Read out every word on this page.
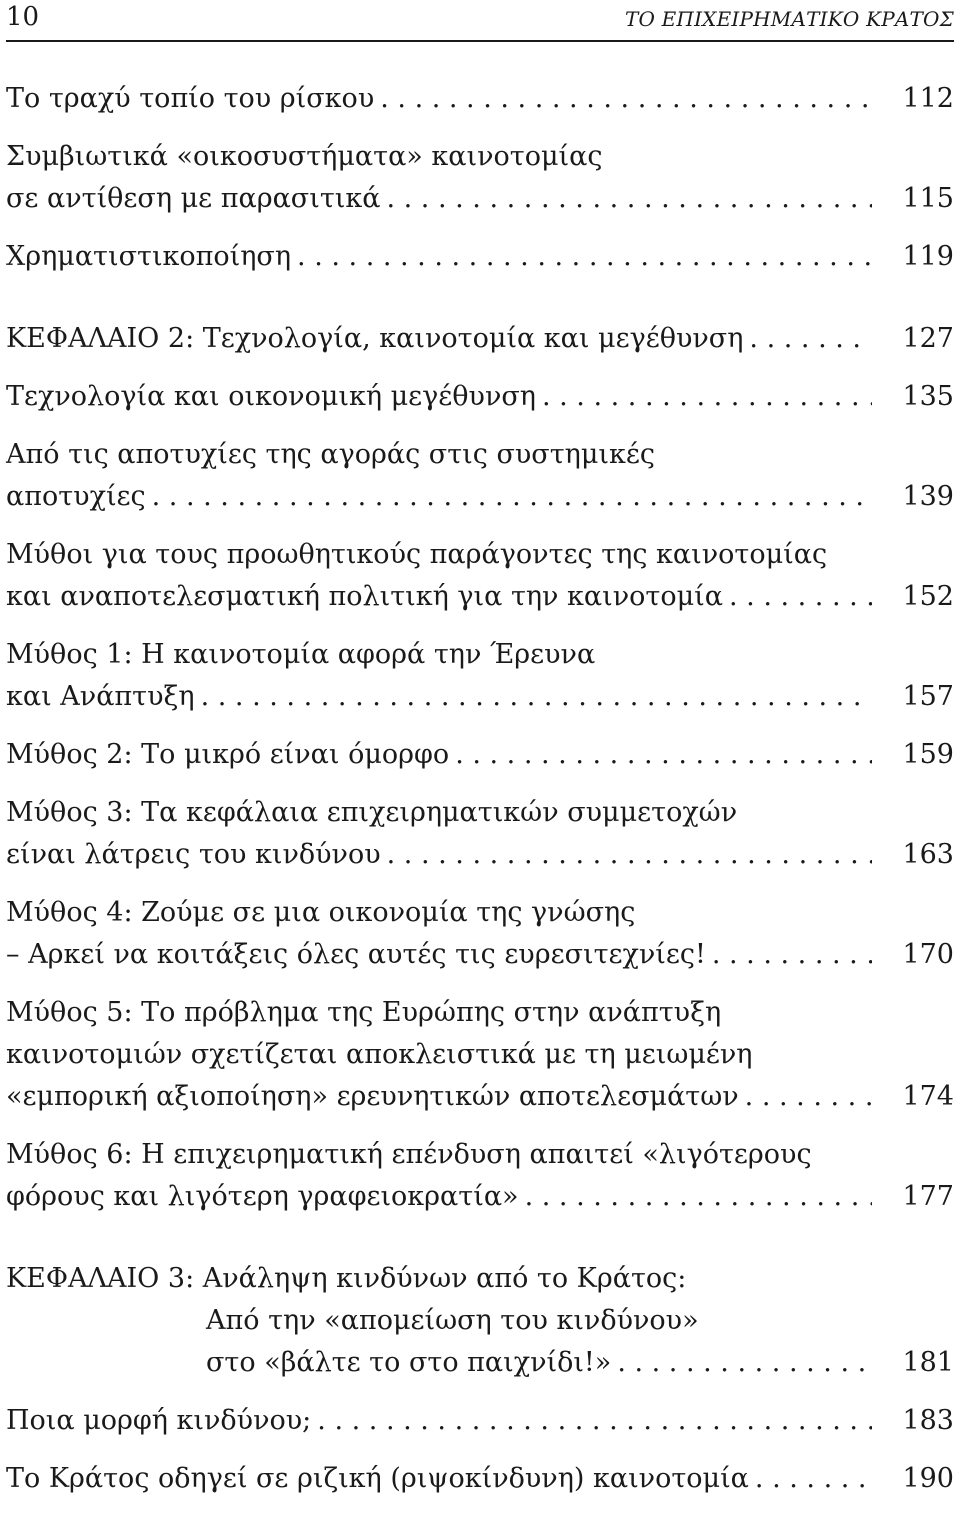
10	ΤΟ ΕΠΙΧΕΙΡΗΜΑΤΙΚΟ ΚΡΑΤΟΣ
Το τραχύ τοπίο του ρίσκου . . .	112
Συμβιωτικά «οικοσυστήματα» καινοτομίας
σε αντίθεση με παρασιτικά . . .	115
Χρηματιστικοποίηση . . .	119
ΚΕΦΑΛΑΙΟ 2: Τεχνολογία, καινοτομία και μεγέθυνση . . .	127
Τεχνολογία και οικονομική μεγέθυνση . . .	135
Από τις αποτυχίες της αγοράς στις συστημικές
αποτυχίες . . .	139
Μύθοι για τους προωθητικούς παράγοντες της καινοτομίας
και αναποτελεσματική πολιτική για την καινοτομία . . .	152
Μύθος 1: Η καινοτομία αφορά την Έρευνα
και Ανάπτυξη . . .	157
Μύθος 2: Το μικρό είναι όμορφο . . .	159
Μύθος 3: Τα κεφάλαια επιχειρηματικών συμμετοχών
είναι λάτρεις του κινδύνου . . .	163
Μύθος 4: Ζούμε σε μια οικονομία της γνώσης
– Αρκεί να κοιτάξεις όλες αυτές τις ευρεσιτεχνίες! . . .	170
Μύθος 5: Το πρόβλημα της Ευρώπης στην ανάπτυξη
καινοτομιών σχετίζεται αποκλειστικά με τη μειωμένη
«εμπορική αξιοποίηση» ερευνητικών αποτελεσμάτων . . .	174
Μύθος 6: Η επιχειρηματική επένδυση απαιτεί «λιγότερους
φόρους και λιγότερη γραφειοκρατία» . . .	177
ΚΕΦΑΛΑΙΟ 3: Ανάληψη κινδύνων από το Κράτος:
Από την «απομείωση του κινδύνου»
στο «βάλτε το στο παιχνίδι!» . . .	181
Ποια μορφή κινδύνου; . . .	183
Το Κράτος οδηγεί σε ριζική (ριψοκίνδυνη) καινοτομία . . .	190
